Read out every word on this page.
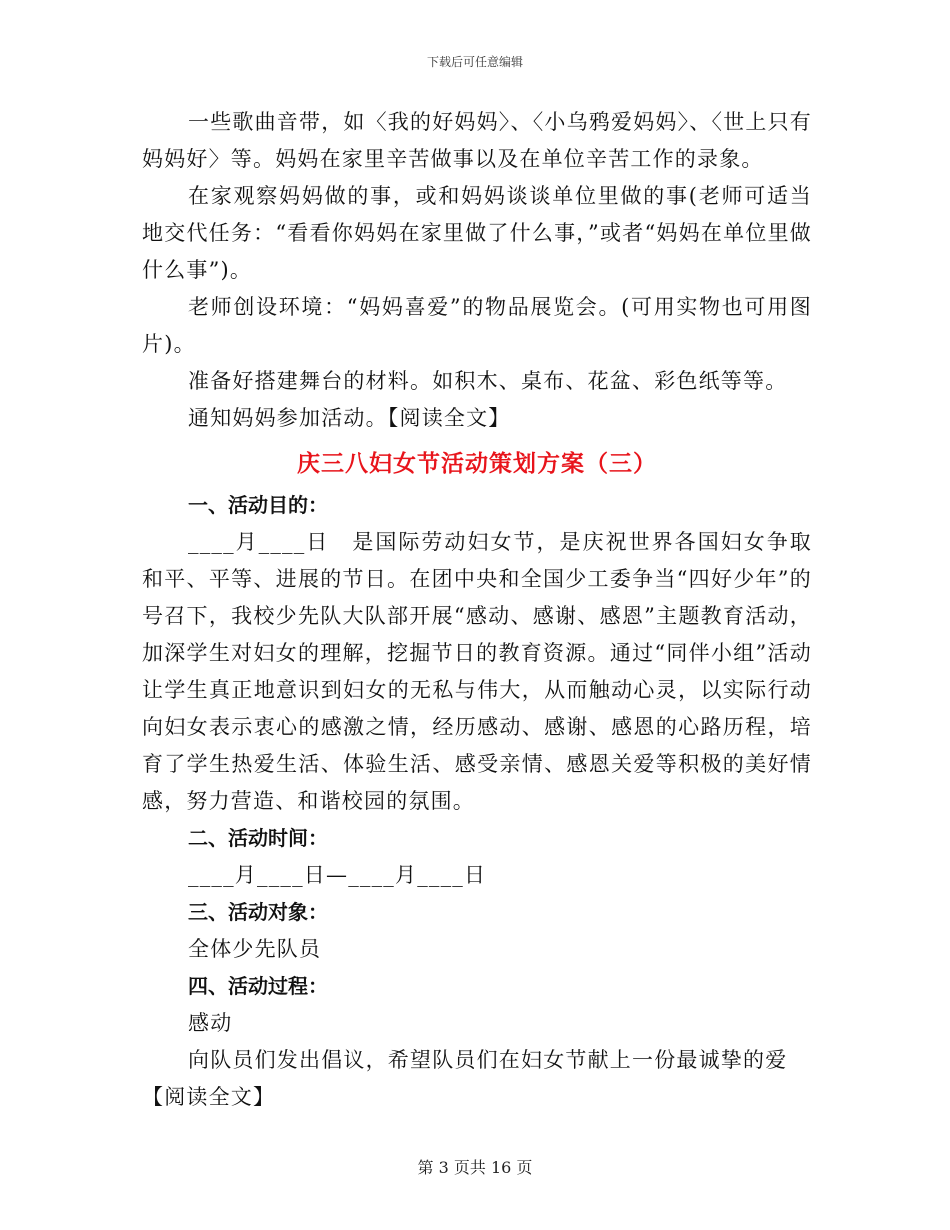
下载后可任意编辑

一些歌曲音带，如〈我的好妈妈〉、〈小乌鸦爱妈妈〉、〈世上只有妈妈好〉等。妈妈在家里辛苦做事以及在单位辛苦工作的录象。

在家观察妈妈做的事，或和妈妈谈谈单位里做的事(老师可适当地交代任务：“看看你妈妈在家里做了什么事，”或者“妈妈在单位里做什么事”)。

老师创设环境：“妈妈喜爱”的物品展览会。(可用实物也可用图片)。

准备好搭建舞台的材料。如积木、桌布、花盆、彩色纸等等。

通知妈妈参加活动。【阅读全文】

庆三八妇女节活动策划方案（三）
一、活动目的：

____月____日　是国际劳动妇女节，是庆祝世界各国妇女争取和平、平等、进展的节日。在团中央和全国少工委争当“四好少年”的号召下，我校少先队大队部开展“感动、感谢、感恩”主题教育活动，加深学生对妇女的理解，挖掘节日的教育资源。通过“同伴小组”活动让学生真正地意识到妇女的无私与伟大，从而触动心灵，以实际行动向妇女表示衷心的感激之情，经历感动、感谢、感恩的心路历程，培育了学生热爱生活、体验生活、感受亲情、感恩关爱等积极的美好情感，努力营造、和谐校园的氛围。

二、活动时间：

____月____日—____月____日

三、活动对象：

全体少先队员

四、活动过程：

感动

向队员们发出倡议，希望队员们在妇女节献上一份最诚挚的爱

【阅读全文】

第 3 页共 16 页
